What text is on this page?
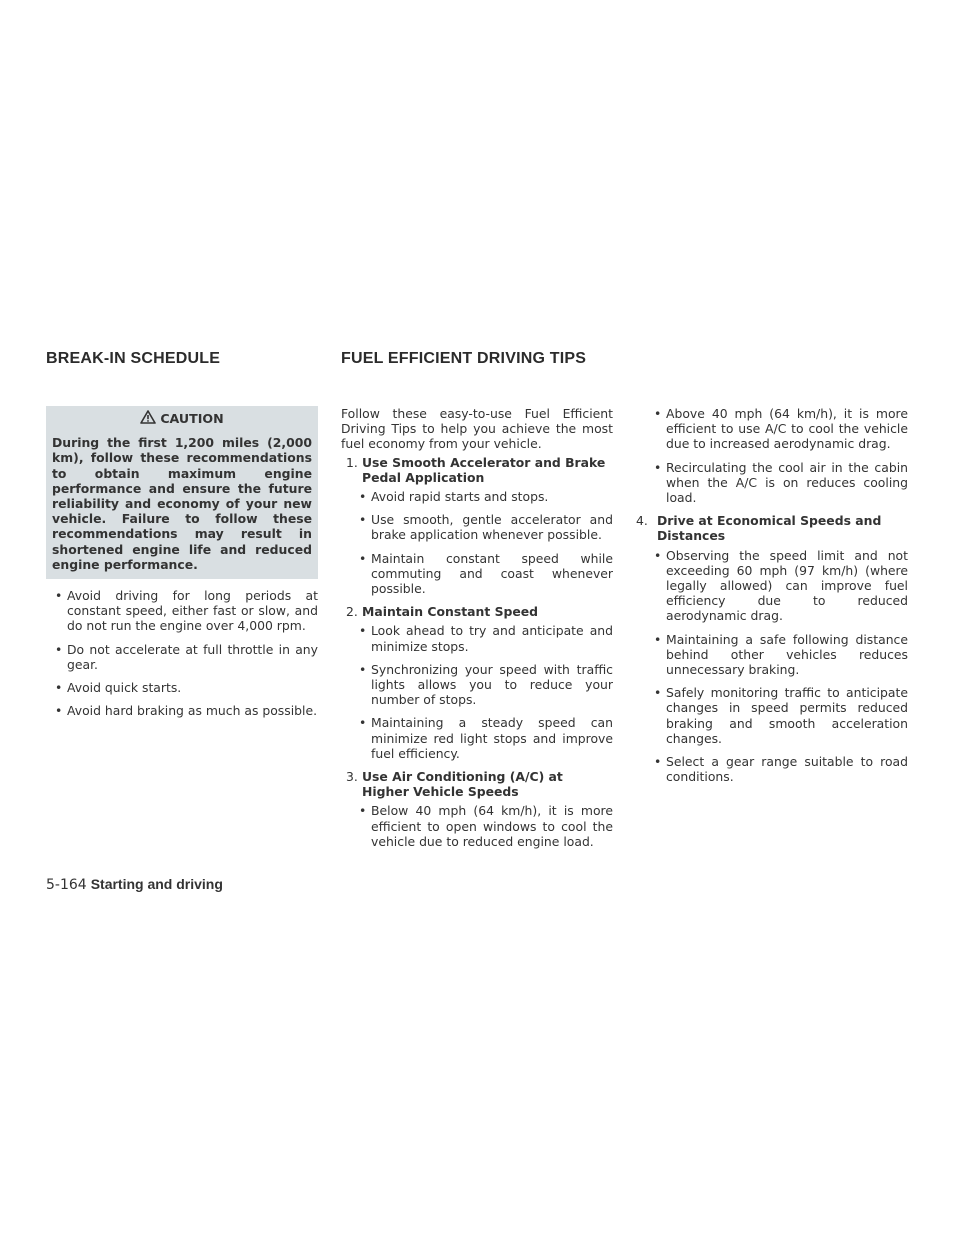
BREAK-IN SCHEDULE	FUEL EFFICIENT DRIVING TIPS
CAUTION
During the first 1,200 miles (2,000 km), follow these recommendations to obtain maximum engine performance and ensure the future reliability and economy of your new vehicle. Failure to follow these recommendations may result in shortened engine life and reduced engine performance.
• Avoid driving for long periods at constant speed, either fast or slow, and do not run the engine over 4,000 rpm.
• Do not accelerate at full throttle in any gear.
• Avoid quick starts.
• Avoid hard braking as much as possible.
Follow these easy-to-use Fuel Efficient Driving Tips to help you achieve the most fuel economy from your vehicle.
1. Use Smooth Accelerator and Brake Pedal Application
• Avoid rapid starts and stops.
• Use smooth, gentle accelerator and brake application whenever possible.
• Maintain constant speed while commuting and coast whenever possible.
2. Maintain Constant Speed
• Look ahead to try and anticipate and minimize stops.
• Synchronizing your speed with traffic lights allows you to reduce your number of stops.
• Maintaining a steady speed can minimize red light stops and improve fuel efficiency.
3. Use Air Conditioning (A/C) at Higher Vehicle Speeds
• Below 40 mph (64 km/h), it is more efficient to open windows to cool the vehicle due to reduced engine load.
• Above 40 mph (64 km/h), it is more efficient to use A/C to cool the vehicle due to increased aerodynamic drag.
• Recirculating the cool air in the cabin when the A/C is on reduces cooling load.
4. Drive at Economical Speeds and Distances
• Observing the speed limit and not exceeding 60 mph (97 km/h) (where legally allowed) can improve fuel efficiency due to reduced aerodynamic drag.
• Maintaining a safe following distance behind other vehicles reduces unnecessary braking.
• Safely monitoring traffic to anticipate changes in speed permits reduced braking and smooth acceleration changes.
• Select a gear range suitable to road conditions.
5-164 Starting and driving
